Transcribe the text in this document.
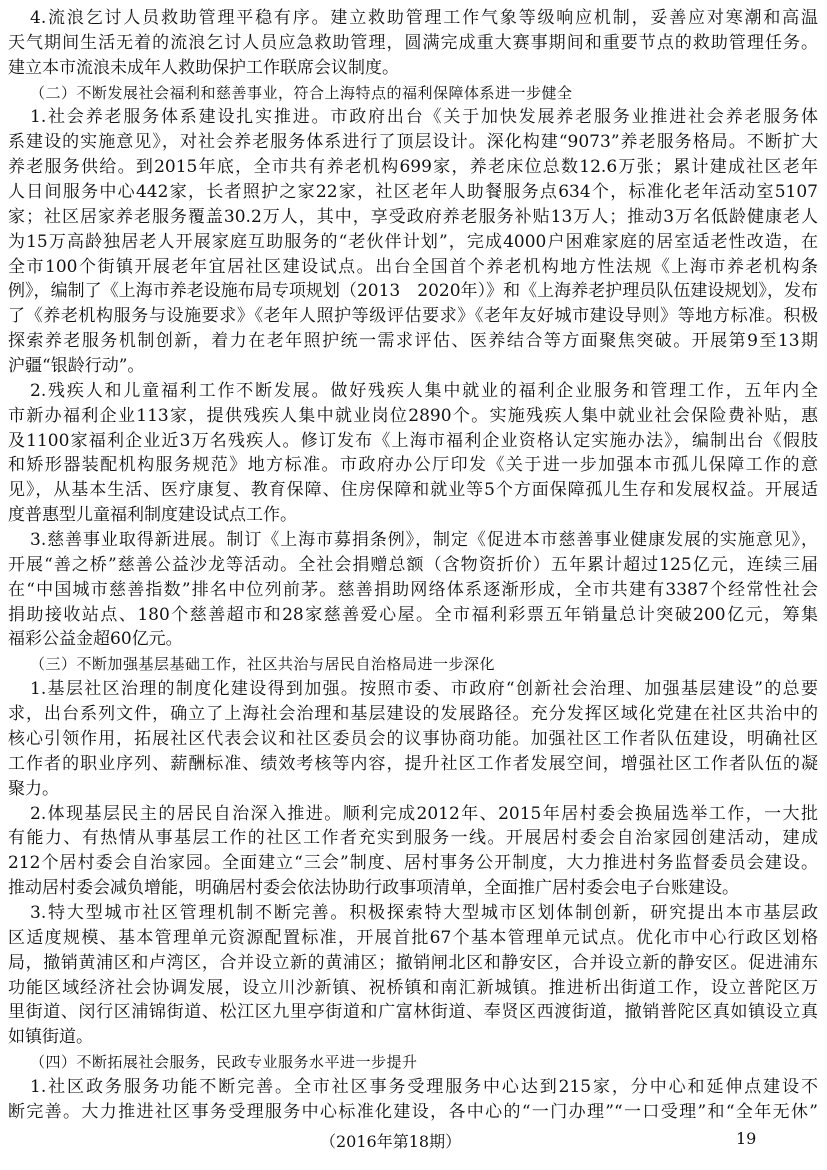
4.流浪乞讨人员救助管理平稳有序。建立救助管理工作气象等级响应机制，妥善应对寒潮和高温
天气期间生活无着的流浪乞讨人员应急救助管理，圆满完成重大赛事期间和重要节点的救助管理任务。
建立本市流浪未成年人救助保护工作联席会议制度。
（二）不断发展社会福利和慈善事业，符合上海特点的福利保障体系进一步健全
1.社会养老服务体系建设扎实推进。市政府出台《关于加快发展养老服务业推进社会养老服务体
系建设的实施意见》，对社会养老服务体系进行了顶层设计。深化构建“9073”养老服务格局。不断扩大
养老服务供给。到2015年底，全市共有养老机构699家，养老床位总数12.6万张；累计建成社区老年
人日间服务中心442家，长者照护之家22家，社区老年人助餐服务点634个，标准化老年活动室5107
家；社区居家养老服务覆盖30.2万人，其中，享受政府养老服务补贴13万人；推动3万名低龄健康老人
为15万高龄独居老人开展家庭互助服务的“老伙伴计划”，完成4000户困难家庭的居室适老性改造，在
全市100个街镇开展老年宜居社区建设试点。出台全国首个养老机构地方性法规《上海市养老机构条
例》，编制了《上海市养老设施布局专项规划（2013　2020年）》和《上海养老护理员队伍建设规划》，发布
了《养老机构服务与设施要求》《老年人照护等级评估要求》《老年友好城市建设导则》等地方标准。积极
探索养老服务机制创新，着力在老年照护统一需求评估、医养结合等方面聚焦突破。开展第9至13期
沪疆“银龄行动”。
2.残疾人和儿童福利工作不断发展。做好残疾人集中就业的福利企业服务和管理工作，五年内全
市新办福利企业113家，提供残疾人集中就业岗位2890个。实施残疾人集中就业社会保险费补贴，惠
及1100家福利企业近3万名残疾人。修订发布《上海市福利企业资格认定实施办法》，编制出台《假肢
和矫形器装配机构服务规范》地方标准。市政府办公厅印发《关于进一步加强本市孤儿保障工作的意
见》，从基本生活、医疗康复、教育保障、住房保障和就业等5个方面保障孤儿生存和发展权益。开展适
度普惠型儿童福利制度建设试点工作。
3.慈善事业取得新进展。制订《上海市募捐条例》，制定《促进本市慈善事业健康发展的实施意见》，
开展“善之桥”慈善公益沙龙等活动。全社会捐赠总额（含物资折价）五年累计超过125亿元，连续三届
在“中国城市慈善指数”排名中位列前茅。慈善捐助网络体系逐渐形成，全市共建有3387个经常性社会
捐助接收站点、180个慈善超市和28家慈善爱心屋。全市福利彩票五年销量总计突破200亿元，筹集
福彩公益金超60亿元。
（三）不断加强基层基础工作，社区共治与居民自治格局进一步深化
1.基层社区治理的制度化建设得到加强。按照市委、市政府“创新社会治理、加强基层建设”的总要
求，出台系列文件，确立了上海社会治理和基层建设的发展路径。充分发挥区域化党建在社区共治中的
核心引领作用，拓展社区代表会议和社区委员会的议事协商功能。加强社区工作者队伍建设，明确社区
工作者的职业序列、薪酬标准、绩效考核等内容，提升社区工作者发展空间，增强社区工作者队伍的凝
聚力。
2.体现基层民主的居民自治深入推进。顺利完成2012年、2015年居村委会换届选举工作，一大批
有能力、有热情从事基层工作的社区工作者充实到服务一线。开展居村委会自治家园创建活动，建成
212个居村委会自治家园。全面建立“三会”制度、居村事务公开制度，大力推进村务监督委员会建设。
推动居村委会减负增能，明确居村委会依法协助行政事项清单，全面推广居村委会电子台账建设。
3.特大型城市社区管理机制不断完善。积极探索特大型城市区划体制创新，研究提出本市基层政
区适度规模、基本管理单元资源配置标准，开展首批67个基本管理单元试点。优化市中心行政区划格
局，撤销黄浦区和卢湾区，合并设立新的黄浦区；撤销闸北区和静安区，合并设立新的静安区。促进浦东
功能区域经济社会协调发展，设立川沙新镇、祝桥镇和南汇新城镇。推进析出街道工作，设立普陀区万
里街道、闵行区浦锦街道、松江区九里亭街道和广富林街道、奉贤区西渡街道，撤销普陀区真如镇设立真
如镇街道。
（四）不断拓展社会服务，民政专业服务水平进一步提升
1.社区政务服务功能不断完善。全市社区事务受理服务中心达到215家，分中心和延伸点建设不
断完善。大力推进社区事务受理服务中心标准化建设，各中心的“一门办理”“一口受理”和“全年无休”
（2016年第18期）	19
